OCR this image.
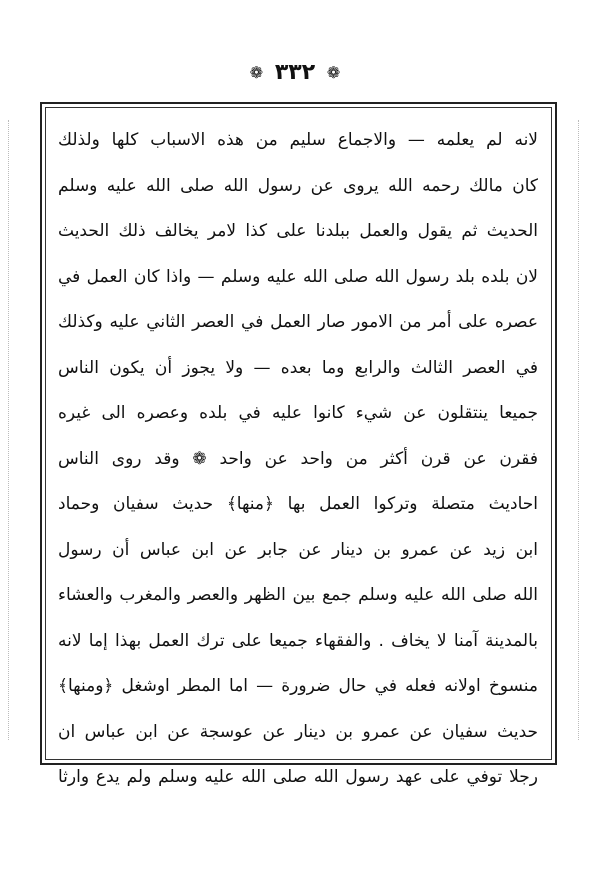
❁ ٣٣٢ ❁
لانه لم يعلمه — والاجماع سليم من هذه الاسباب كلها ولذلك
كان مالك رحمه الله يروى عن رسول الله صلى الله عليه وسلم
الحديث ثم يقول والعمل ببلدنا على كذا لامر يخالف ذلك الحديث
لان بلده بلد رسول الله صلى الله عليه وسلم — واذا كان العمل في
عصره على أمر من الامور صار العمل في العصر الثاني عليه وكذلك
في العصر الثالث والرابع وما بعده — ولا يجوز أن يكون الناس
جميعا ينتقلون عن شيء كانوا عليه في بلده وعصره الى غيره
فقرن عن قرن أكثر من واحد عن واحد ❁ وقد روى الناس
احاديث متصلة وتركوا العمل بها ﴿منها﴾ حديث سفيان وحماد
ابن زيد عن عمرو بن دينار عن جابر عن ابن عباس أن رسول
الله صلى الله عليه وسلم جمع بين الظهر والعصر والمغرب والعشاء
بالمدينة آمنا لا يخاف . والفقهاء جميعا على ترك العمل بهذا إما لانه
منسوخ اولانه فعله في حال ضرورة — اما المطر اوشغل ﴿ومنها﴾
حديث سفيان عن عمرو بن دينار عن عوسجة عن ابن عباس ان
رجلا توفي على عهد رسول الله صلى الله عليه وسلم ولم يدع وارثا
